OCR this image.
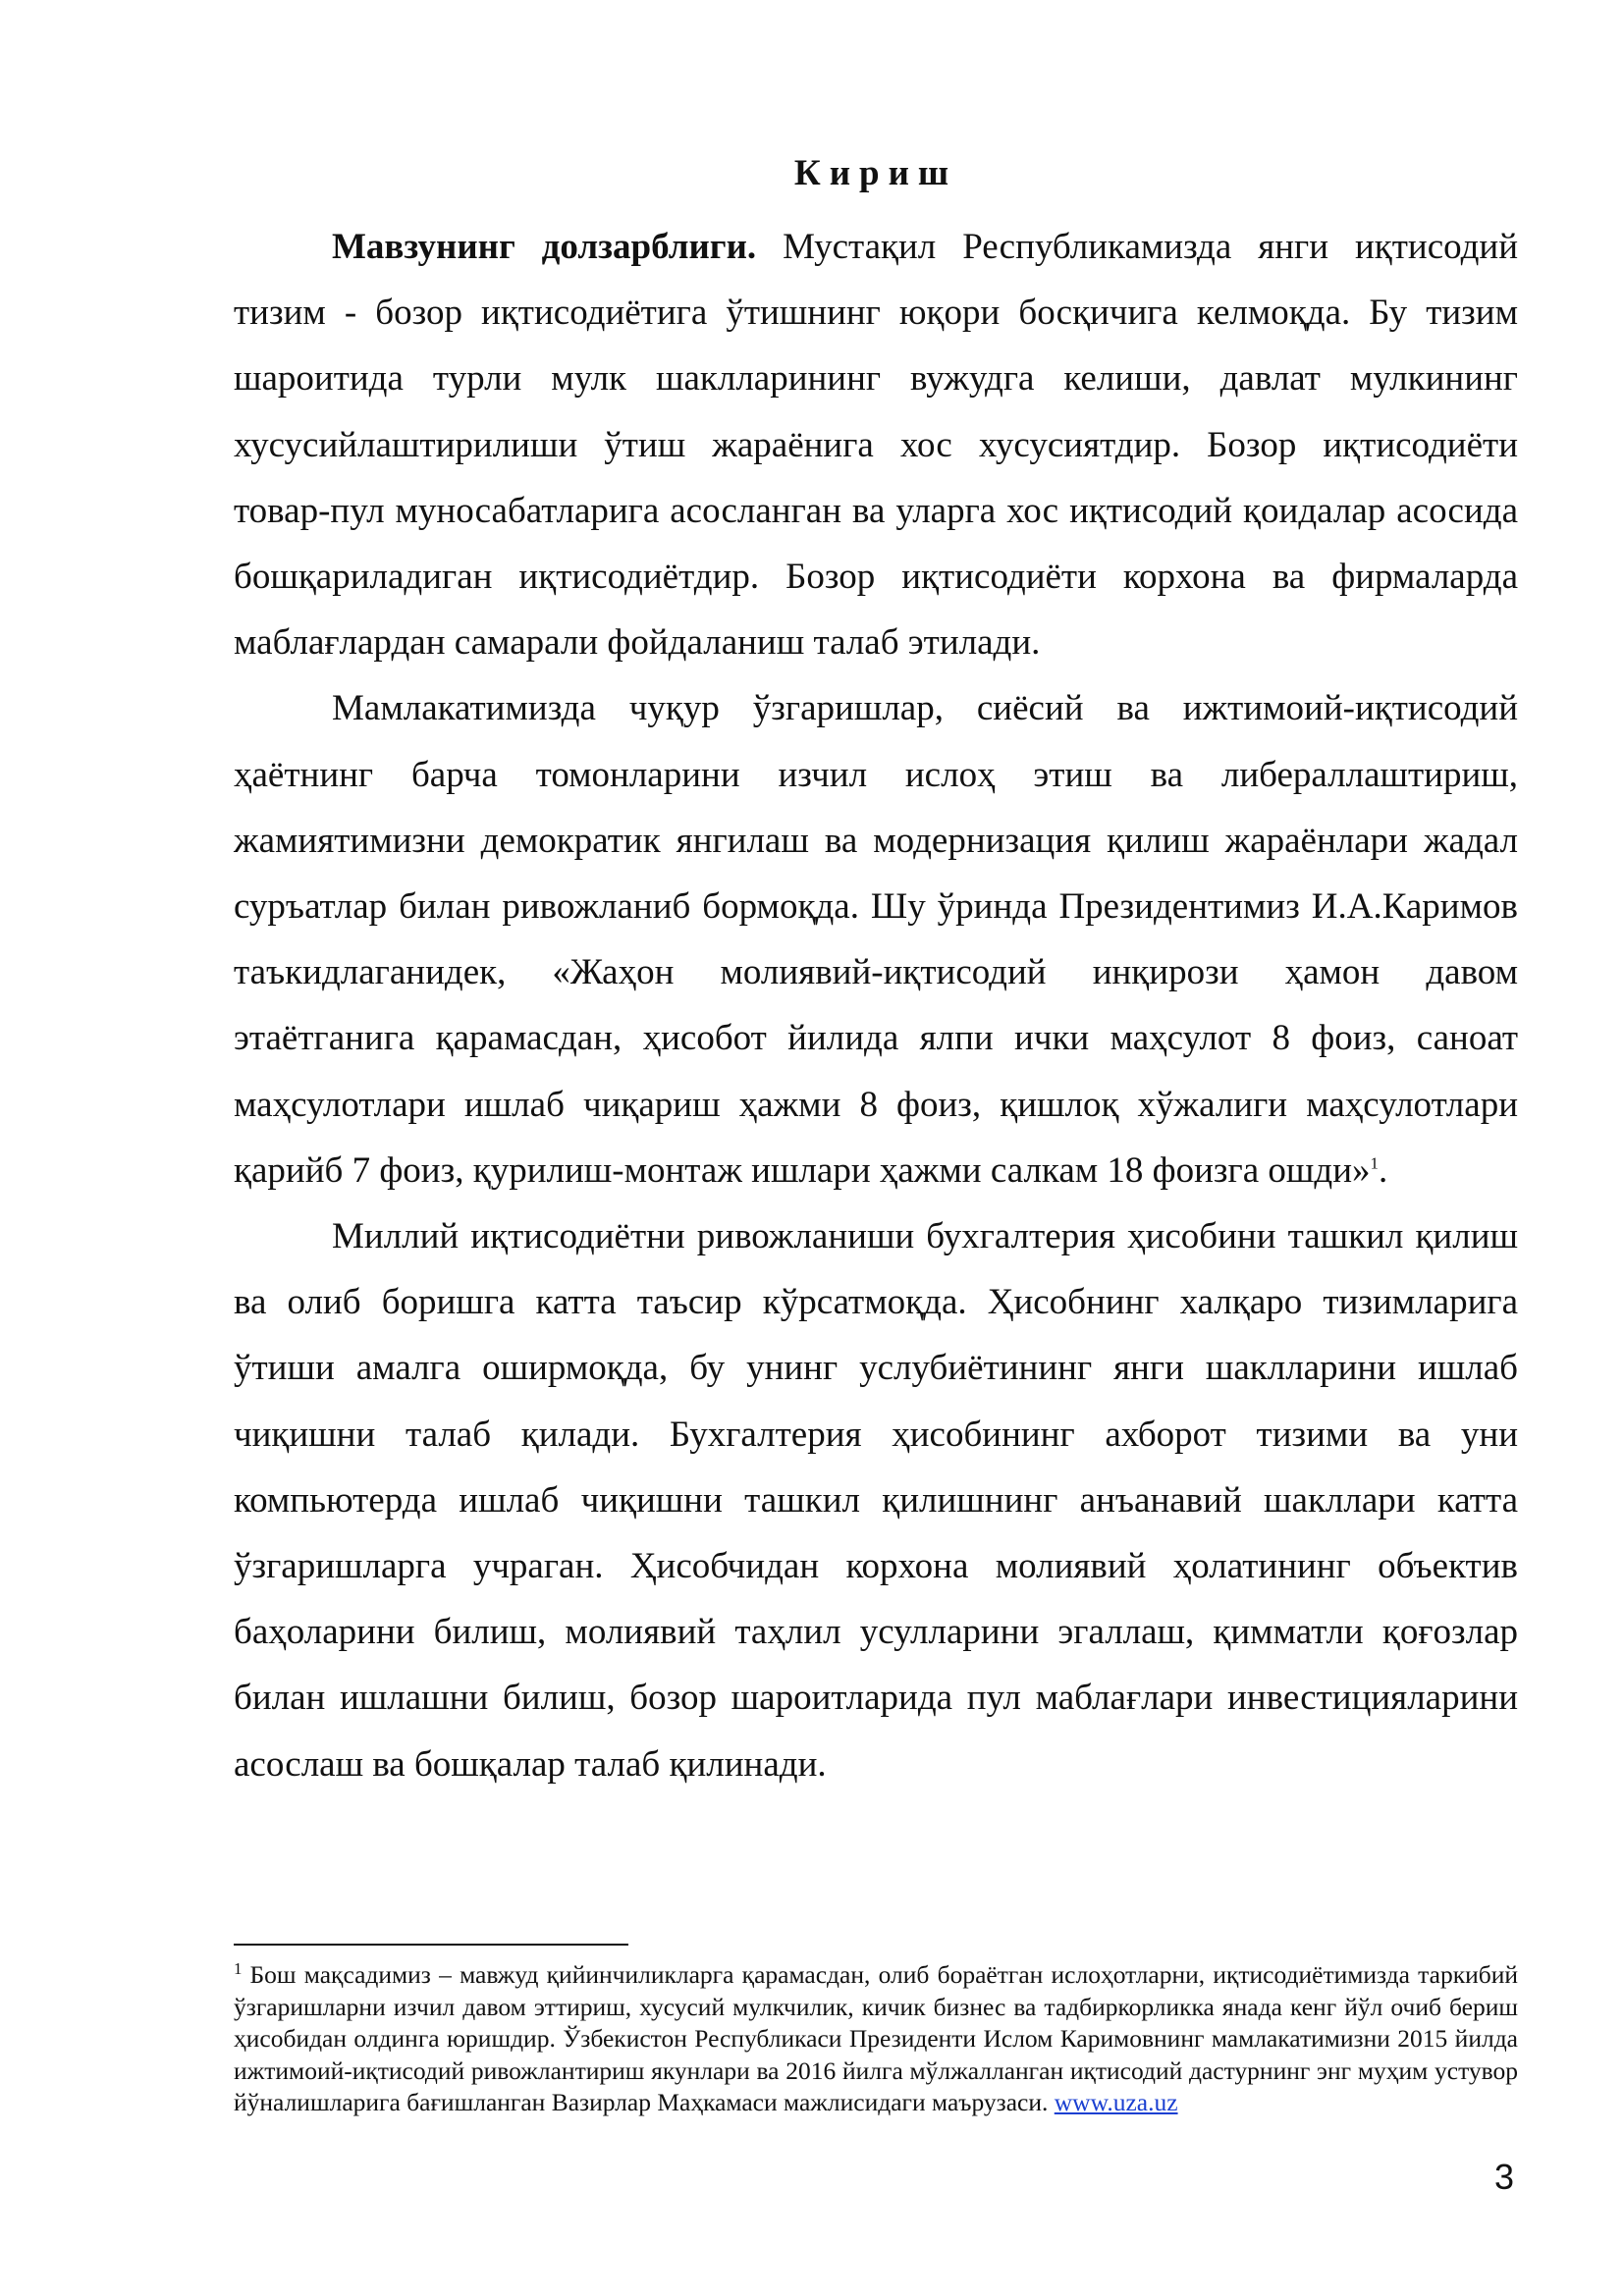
Кириш

Мавзунинг долзарблиги. Мустақил Республикамизда янги иқтисодий тизим - бозор иқтисодиётига ўтишнинг юқори босқичига келмоқда. Бу тизим шароитида турли мулк шаклларининг вужудга келиши, давлат мулкининг хусусийлаштирилиши ўтиш жараёнига хос хусусиятдир. Бозор иқтисодиёти товар-пул муносабатларига асосланган ва уларга хос иқтисодий қоидалар асосида бошқариладиган иқтисодиётдир. Бозор иқтисодиёти корхона ва фирмаларда маблағлардан самарали фойдаланиш талаб этилади.

Мамлакатимизда чуқур ўзгаришлар, сиёсий ва ижтимоий-иқтисодий ҳаётнинг барча томонларини изчил ислоҳ этиш ва либераллаштириш, жамиятимизни демократик янгилаш ва модернизация қилиш жараёнлари жадал суръатлар билан ривожланиб бормоқда. Шу ўринда Президентимиз И.А.Каримов таъкидлаганидек, «Жаҳон молиявий-иқтисодий инқирози ҳамон давом этаётганига қарамасдан, ҳисобот йилида ялпи ички маҳсулот 8 фоиз, саноат маҳсулотлари ишлаб чиқариш ҳажми 8 фоиз, қишлоқ хўжалиги маҳсулотлари қарийб 7 фоиз, қурилиш-монтаж ишлари ҳажми салкам 18 фоизга ошди»$^1$.

Миллий иқтисодиётни ривожланиши бухгалтерия ҳисобини ташкил қилиш ва олиб боришга катта таъсир кўрсатмоқда. Ҳисобнинг халқаро тизимларига ўтиши амалга оширмоқда, бу унинг услубиётининг янги шаклларини ишлаб чиқишни талаб қилади. Бухгалтерия ҳисобининг ахборот тизими ва уни компьютерда ишлаб чиқишни ташкил қилишнинг анъанавий шакллари катта ўзгаришларга учраган. Ҳисобчидан корхона молиявий ҳолатининг объектив баҳоларини билиш, молиявий таҳлил усулларини эгаллаш, қимматли қоғозлар билан ишлашни билиш, бозор шароитларида пул маблағлари инвестицияларини асослаш ва бошқалар талаб қилинади.

$^1$ Бош мақсадимиз – мавжуд қийинчиликларга қарамасдан, олиб бораётган ислоҳотларни, иқтисодиётимизда таркибий ўзгаришларни изчил давом эттириш, хусусий мулкчилик, кичик бизнес ва тадбиркорликка янада кенг йўл очиб бериш ҳисобидан олдинга юришдир. Ўзбекистон Республикаси Президенти Ислом Каримовнинг мамлакатимизни 2015 йилда ижтимоий-иқтисодий ривожлантириш якунлари ва 2016 йилга мўлжалланган иқтисодий дастурнинг энг муҳим устувор йўналишларига бағишланган Вазирлар Маҳкамаси мажлисидаги маърузаси. www.uza.uz
3
